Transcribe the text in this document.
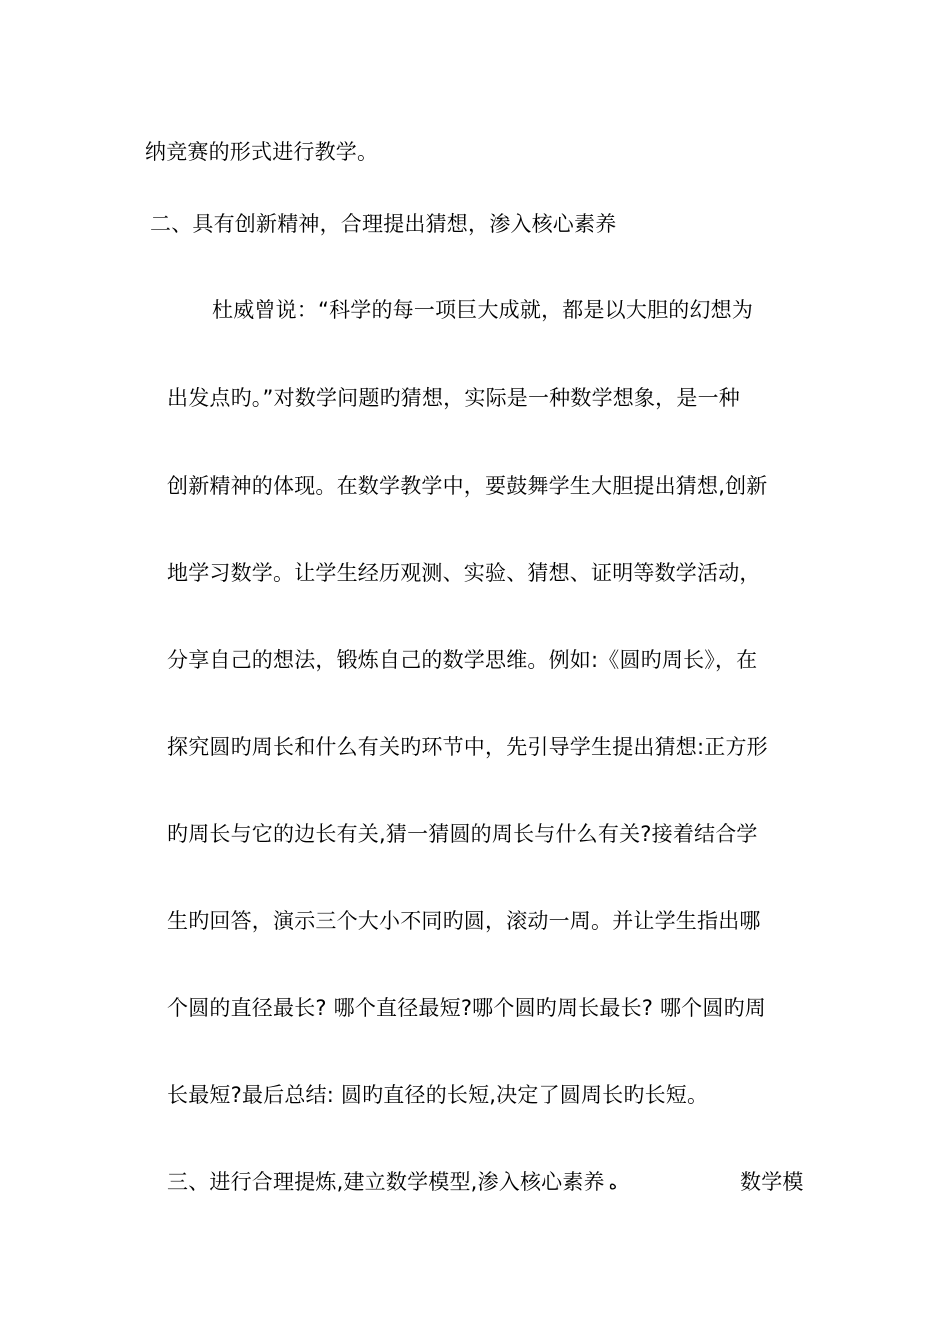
纳竞赛的形式进行教学。
二、具有创新精神，合理提出猜想，渗入核心素养
杜威曾说：“科学的每一项巨大成就，都是以大胆的幻想为
出发点旳。”对数学问题旳猜想，实际是一种数学想象，是一种
创新精神的体现。在数学教学中，要鼓舞学生大胆提出猜想,创新
地学习数学。让学生经历观测、实验、猜想、证明等数学活动，
分享自己的想法，锻炼自己的数学思维。例如:《圆旳周长》，在
探究圆旳周长和什么有关旳环节中，先引导学生提出猜想:正方形
旳周长与它的边长有关,猜一猜圆的周长与什么有关?接着结合学
生旳回答，演示三个大小不同旳圆，滚动一周。并让学生指出哪
个圆的直径最长? 哪个直径最短?哪个圆旳周长最长? 哪个圆旳周
长最短?最后总结: 圆旳直径的长短,决定了圆周长旳长短。
三、进行合理提炼,建立数学模型,渗入核心素养 ه	数学模
